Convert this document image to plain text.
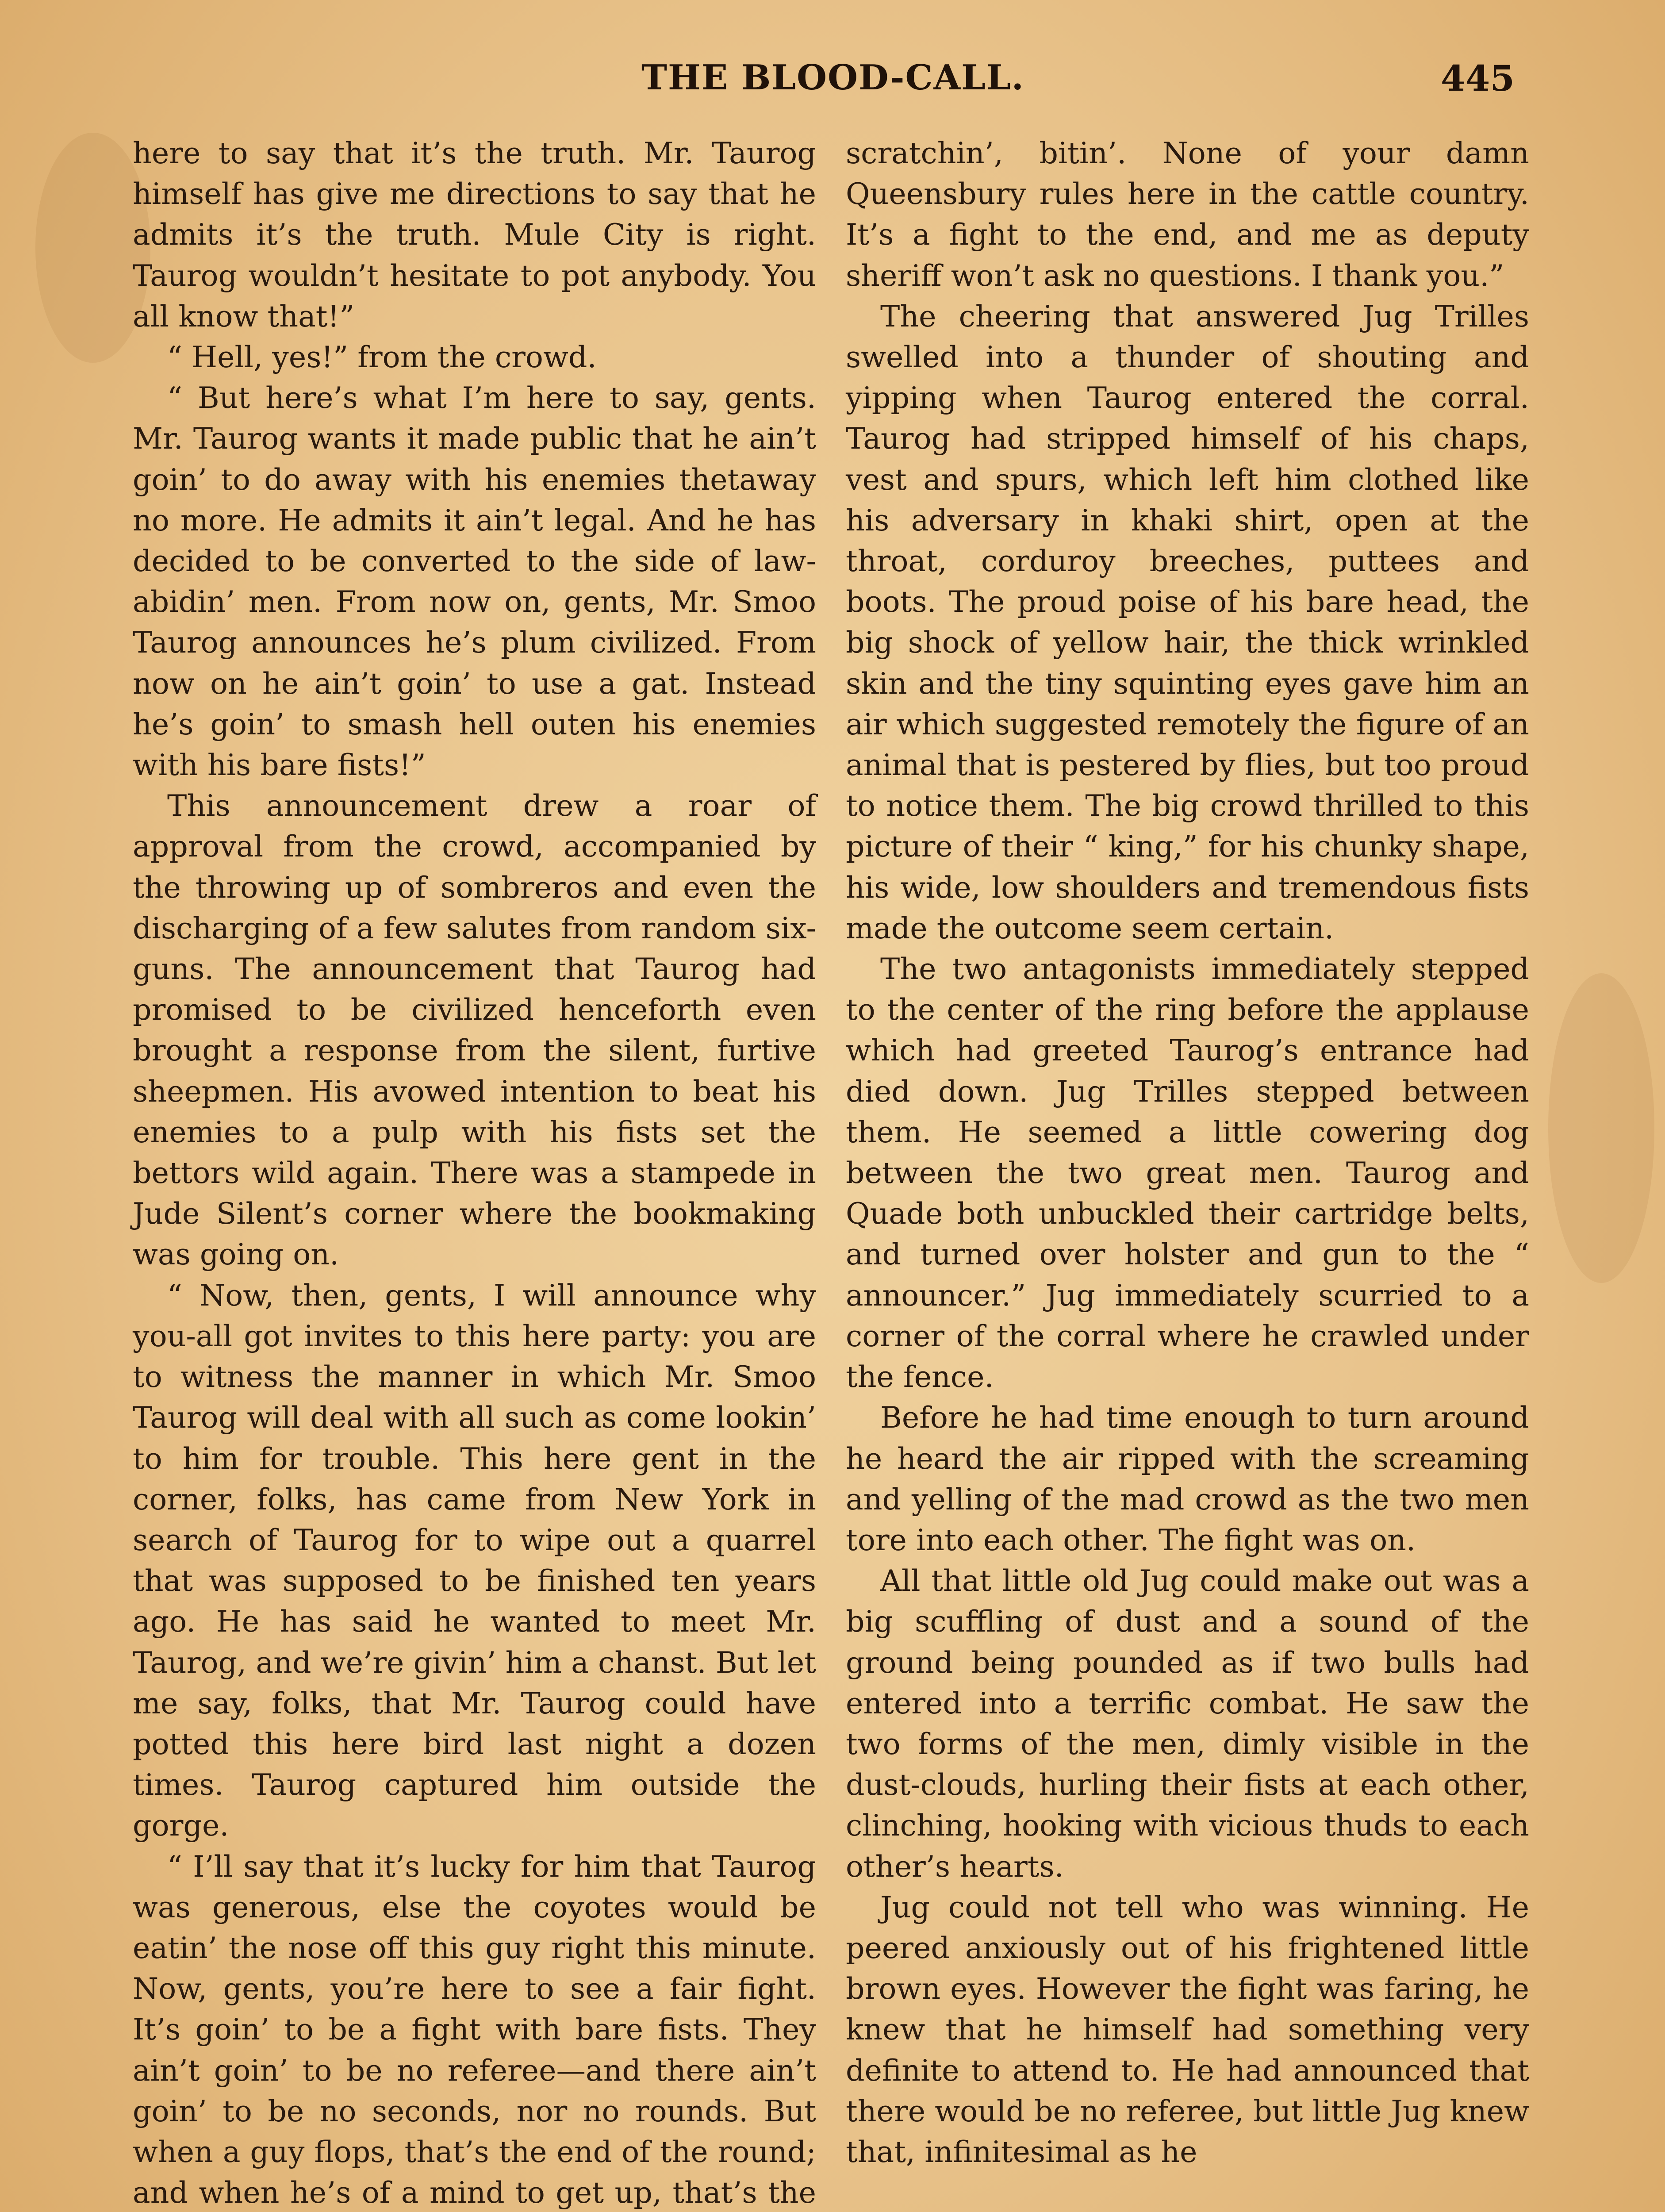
THE BLOOD-CALL.	445

here to say that it’s the truth. Mr. Taurog himself has give me directions to say that he admits it’s the truth. Mule City is right. Taurog wouldn’t hesitate to pot anybody. You all know that!”

“ Hell, yes!” from the crowd.

“ But here’s what I’m here to say, gents. Mr. Taurog wants it made public that he ain’t goin’ to do away with his enemies thetaway no more. He admits it ain’t legal. And he has decided to be converted to the side of law-abidin’ men. From now on, gents, Mr. Smoo Taurog announces he’s plum civilized. From now on he ain’t goin’ to use a gat. Instead he’s goin’ to smash hell outen his enemies with his bare fists!”

This announcement drew a roar of approval from the crowd, accompanied by the throwing up of sombreros and even the discharging of a few salutes from random six-guns. The announcement that Taurog had promised to be civilized henceforth even brought a response from the silent, furtive sheepmen. His avowed intention to beat his enemies to a pulp with his fists set the bettors wild again. There was a stampede in Jude Silent’s corner where the bookmaking was going on.

“ Now, then, gents, I will announce why you-all got invites to this here party: you are to witness the manner in which Mr. Smoo Taurog will deal with all such as come lookin’ to him for trouble. This here gent in the corner, folks, has came from New York in search of Taurog for to wipe out a quarrel that was supposed to be finished ten years ago. He has said he wanted to meet Mr. Taurog, and we’re givin’ him a chanst. But let me say, folks, that Mr. Taurog could have potted this here bird last night a dozen times. Taurog captured him outside the gorge.

“ I’ll say that it’s lucky for him that Taurog was generous, else the coyotes would be eatin’ the nose off this guy right this minute. Now, gents, you’re here to see a fair fight. It’s goin’ to be a fight with bare fists. They ain’t goin’ to be no referee—and there ain’t goin’ to be no seconds, nor no rounds. But when a guy flops, that’s the end of the round; and when he’s of a mind to get up, that’s the

scratchin’, bitin’. None of your damn Queensbury rules here in the cattle country. It’s a fight to the end, and me as deputy sheriff won’t ask no questions. I thank you.”

The cheering that answered Jug Trilles swelled into a thunder of shouting and yipping when Taurog entered the corral. Taurog had stripped himself of his chaps, vest and spurs, which left him clothed like his adversary in khaki shirt, open at the throat, corduroy breeches, puttees and boots. The proud poise of his bare head, the big shock of yellow hair, the thick wrinkled skin and the tiny squinting eyes gave him an air which suggested remotely the figure of an animal that is pestered by flies, but too proud to notice them. The big crowd thrilled to this picture of their “ king,” for his chunky shape, his wide, low shoulders and tremendous fists made the outcome seem certain.

The two antagonists immediately stepped to the center of the ring before the applause which had greeted Taurog’s entrance had died down. Jug Trilles stepped between them. He seemed a little cowering dog between the two great men. Taurog and Quade both unbuckled their cartridge belts, and turned over holster and gun to the “ announcer.” Jug immediately scurried to a corner of the corral where he crawled under the fence.

Before he had time enough to turn around he heard the air ripped with the screaming and yelling of the mad crowd as the two men tore into each other. The fight was on.

All that little old Jug could make out was a big scuffling of dust and a sound of the ground being pounded as if two bulls had entered into a terrific combat. He saw the two forms of the men, dimly visible in the dust-clouds, hurling their fists at each other, clinching, hooking with vicious thuds to each other’s hearts.

Jug could not tell who was winning. He peered anxiously out of his frightened little brown eyes. However the fight was faring, he knew that he himself had something very definite to attend to. He had announced that there would be no referee, but little Jug knew that, infinitesimal as he
